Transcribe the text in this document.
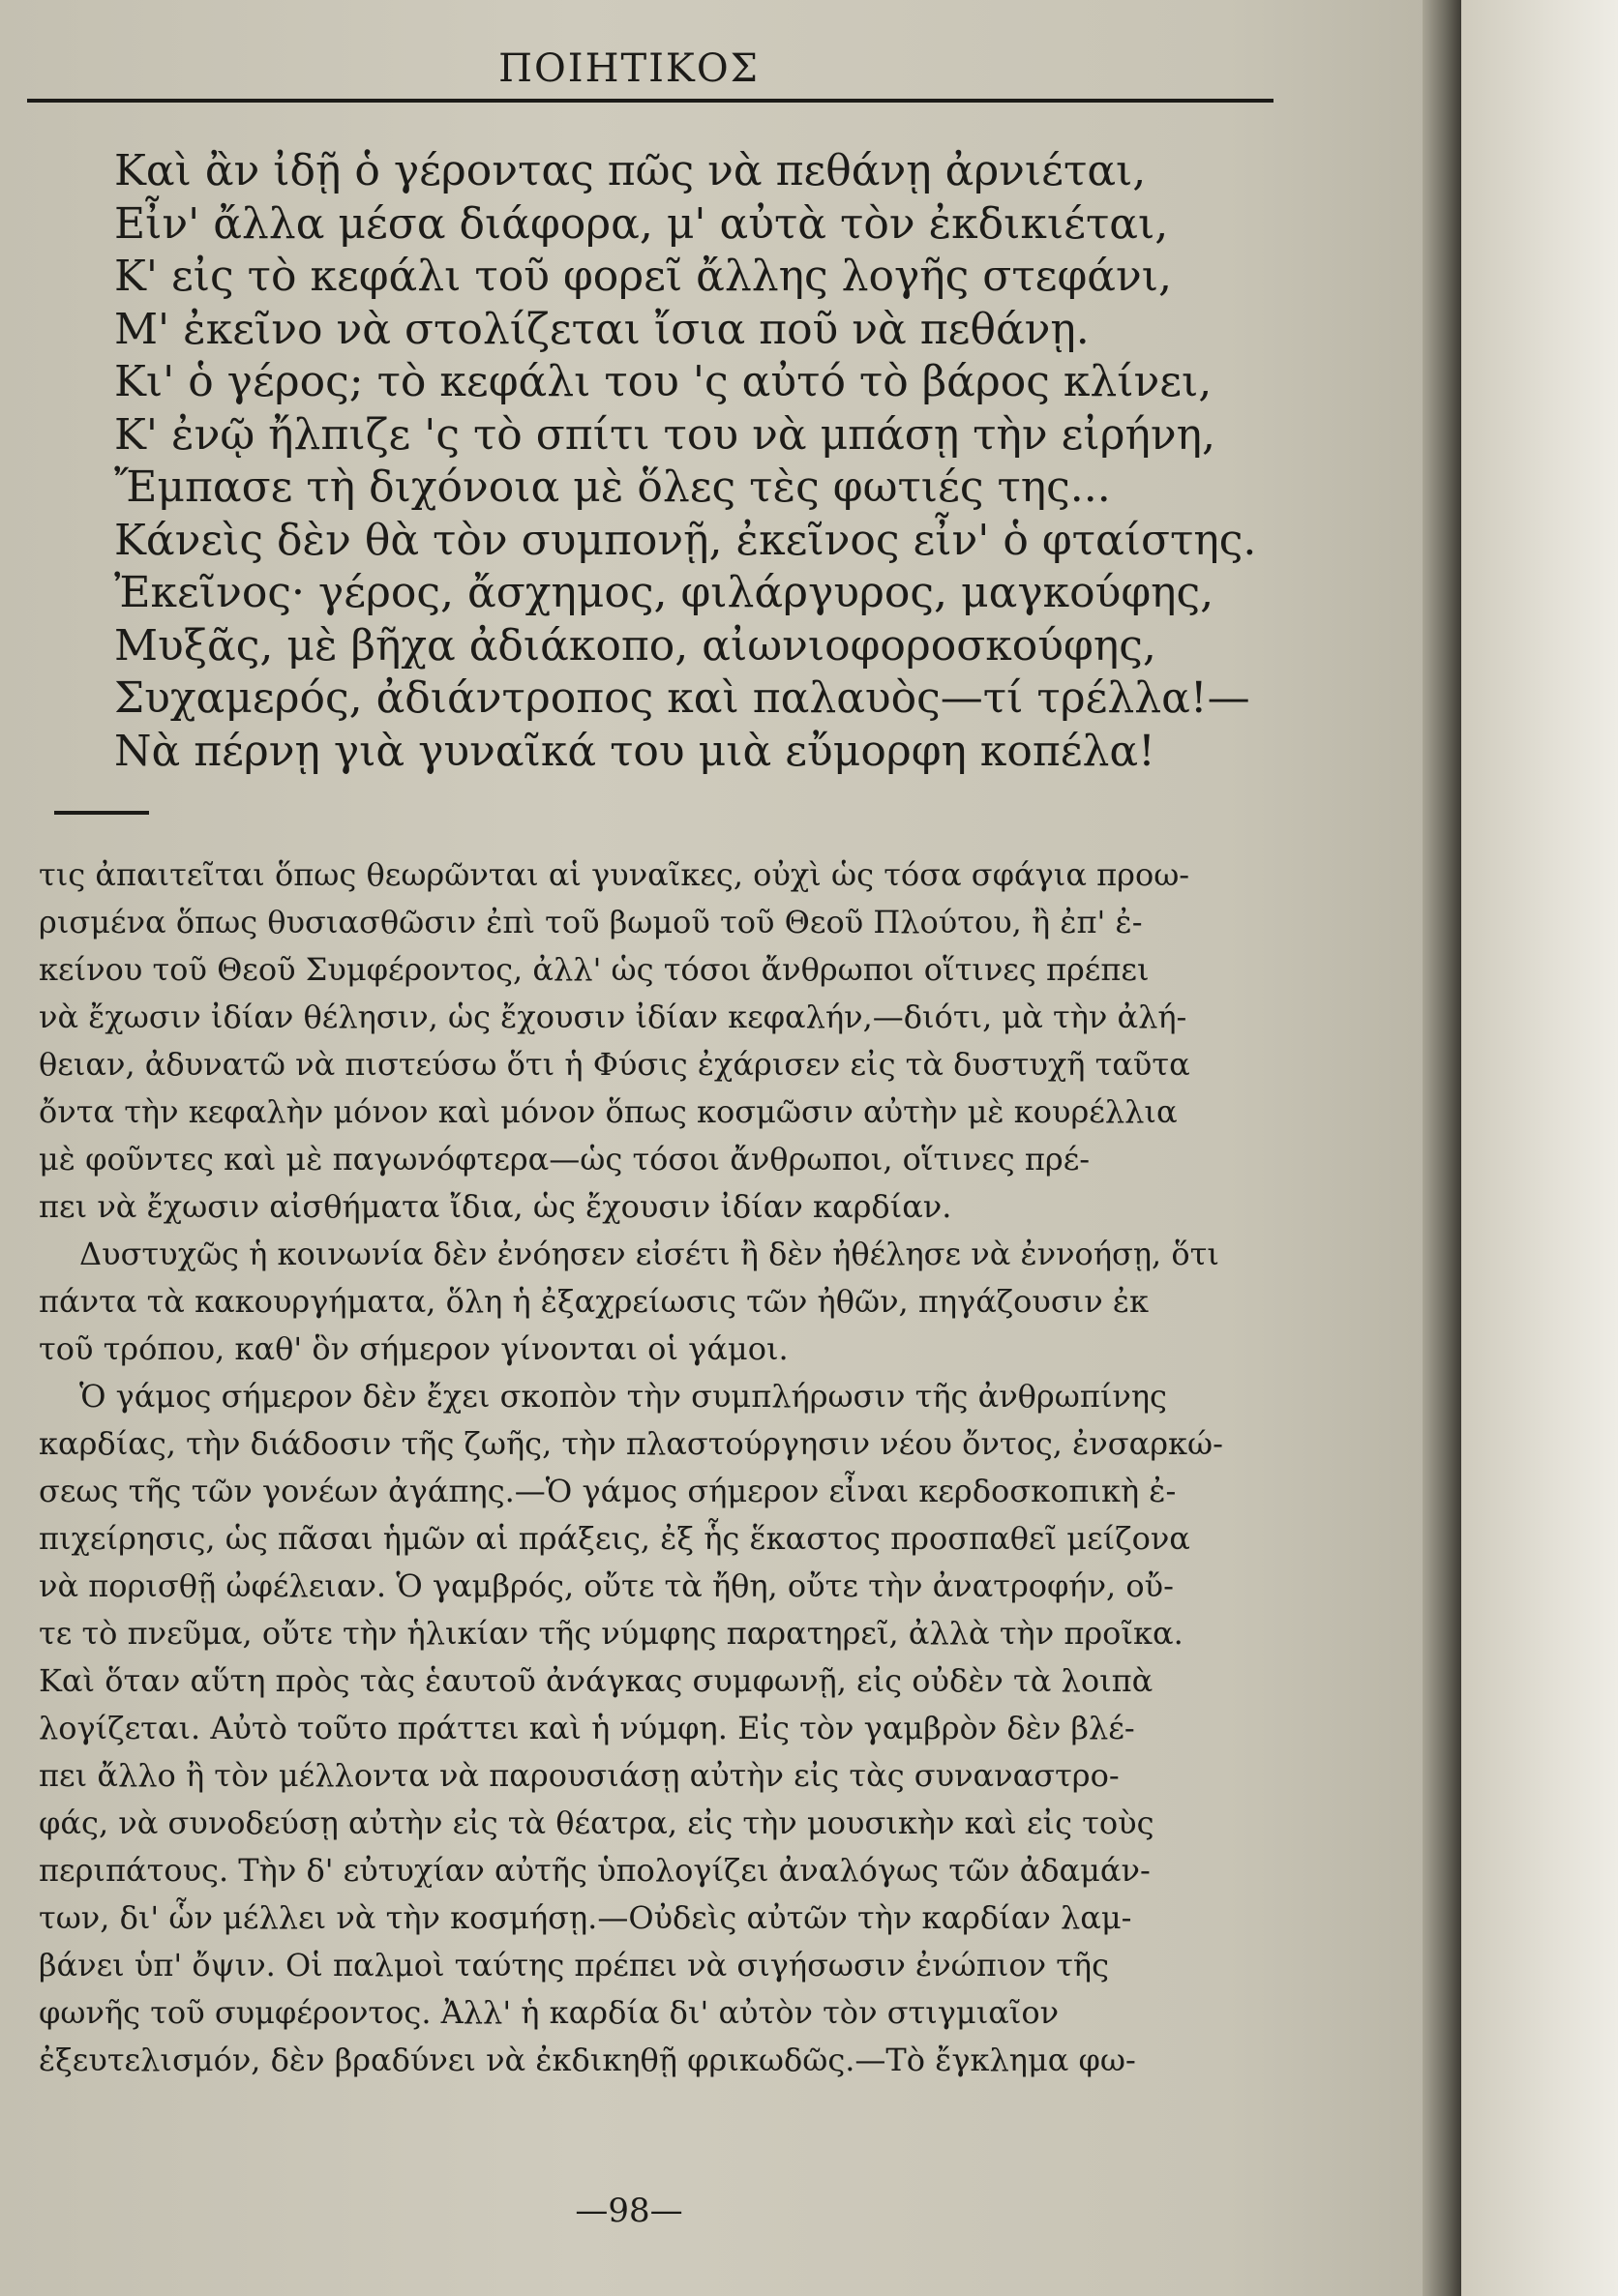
ΠΟΙΗΤΙΚΟΣ
Καὶ ἂν ἰδῇ ὁ γέροντας πῶς νὰ πεθάνῃ ἀρνιέται,
Εἶν' ἄλλα μέσα διάφορα, μ' αὐτὰ τὸν ἐκδικιέται,
Κ' εἰς τὸ κεφάλι τοῦ φορεῖ ἄλλης λογῆς στεφάνι,
Μ' ἐκεῖνο νὰ στολίζεται ἴσια ποῦ νὰ πεθάνῃ.
Κι' ὁ γέρος; τὸ κεφάλι του 'ς αὐτό τὸ βάρος κλίνει,
Κ' ἐνῷ ἤλπιζε 'ς τὸ σπίτι του νὰ μπάσῃ τὴν εἰρήνη,
Ἔμπασε τὴ διχόνοια μὲ ὅλες τὲς φωτιές της...
Κάνεὶς δὲν θὰ τὸν συμπονῇ, ἐκεῖνος εἶν' ὁ φταίστης.
Ἐκεῖνος· γέρος, ἄσχημος, φιλάργυρος, μαγκούφης,
Μυξᾶς, μὲ βῆχα ἀδιάκοπο, αἰωνιοφοροσκούφης,
Συχαμερός, ἀδιάντροπος καὶ παλαυὸς—τί τρέλλα!—
Νὰ πέρνῃ γιὰ γυναῖκά του μιὰ εὔμορφη κοπέλα!
τις ἀπαιτεῖται ὅπως θεωρῶνται αἱ γυναῖκες, οὐχὶ ὡς τόσα σφάγια προω-
ρισμένα ὅπως θυσιασθῶσιν ἐπὶ τοῦ βωμοῦ τοῦ Θεοῦ Πλούτου, ἢ ἐπ' ἐ-
κείνου τοῦ Θεοῦ Συμφέροντος, ἀλλ' ὡς τόσοι ἄνθρωποι οἵτινες πρέπει
νὰ ἔχωσιν ἰδίαν θέλησιν, ὡς ἔχουσιν ἰδίαν κεφαλήν,—διότι, μὰ τὴν ἀλή-
θειαν, ἀδυνατῶ νὰ πιστεύσω ὅτι ἡ Φύσις ἐχάρισεν εἰς τὰ δυστυχῆ ταῦτα
ὄντα τὴν κεφαλὴν μόνον καὶ μόνον ὅπως κοσμῶσιν αὐτὴν μὲ κουρέλλια
μὲ φοῦντες καὶ μὲ παγωνόφτερα—ὡς τόσοι ἄνθρωποι, οἵτινες πρέ-
πει νὰ ἔχωσιν αἰσθήματα ἴδια, ὡς ἔχουσιν ἰδίαν καρδίαν.
Δυστυχῶς ἡ κοινωνία δὲν ἐνόησεν εἰσέτι ἢ δὲν ἠθέλησε νὰ ἐννοήσῃ, ὅτι
πάντα τὰ κακουργήματα, ὅλη ἡ ἐξαχρείωσις τῶν ἠθῶν, πηγάζουσιν ἐκ
τοῦ τρόπου, καθ' ὃν σήμερον γίνονται οἱ γάμοι.
Ὁ γάμος σήμερον δὲν ἔχει σκοπὸν τὴν συμπλήρωσιν τῆς ἀνθρωπίνης
καρδίας, τὴν διάδοσιν τῆς ζωῆς, τὴν πλαστούργησιν νέου ὄντος, ἐνσαρκώ-
σεως τῆς τῶν γονέων ἀγάπης.—Ὁ γάμος σήμερον εἶναι κερδοσκοπικὴ ἐ-
πιχείρησις, ὡς πᾶσαι ἡμῶν αἱ πράξεις, ἐξ ἧς ἕκαστος προσπαθεῖ μείζονα
νὰ πορισθῇ ὠφέλειαν. Ὁ γαμβρός, οὔτε τὰ ἤθη, οὔτε τὴν ἀνατροφήν, οὔ-
τε τὸ πνεῦμα, οὔτε τὴν ἡλικίαν τῆς νύμφης παρατηρεῖ, ἀλλὰ τὴν προῖκα.
Καὶ ὅταν αὕτη πρὸς τὰς ἑαυτοῦ ἀνάγκας συμφωνῇ, εἰς οὐδὲν τὰ λοιπὰ
λογίζεται. Αὐτὸ τοῦτο πράττει καὶ ἡ νύμφη. Εἰς τὸν γαμβρὸν δὲν βλέ-
πει ἄλλο ἢ τὸν μέλλοντα νὰ παρουσιάσῃ αὐτὴν εἰς τὰς συναναστρο-
φάς, νὰ συνοδεύσῃ αὐτὴν εἰς τὰ θέατρα, εἰς τὴν μουσικὴν καὶ εἰς τοὺς
περιπάτους. Τὴν δ' εὐτυχίαν αὐτῆς ὑπολογίζει ἀναλόγως τῶν ἀδαμάν-
των, δι' ὧν μέλλει νὰ τὴν κοσμήσῃ.—Οὐδεὶς αὐτῶν τὴν καρδίαν λαμ-
βάνει ὑπ' ὄψιν. Οἱ παλμοὶ ταύτης πρέπει νὰ σιγήσωσιν ἐνώπιον τῆς
φωνῆς τοῦ συμφέροντος. Ἀλλ' ἡ καρδία δι' αὐτὸν τὸν στιγμιαῖον
ἐξευτελισμόν, δὲν βραδύνει νὰ ἐκδικηθῇ φρικωδῶς.—Τὸ ἔγκλημα φω-
—98—
